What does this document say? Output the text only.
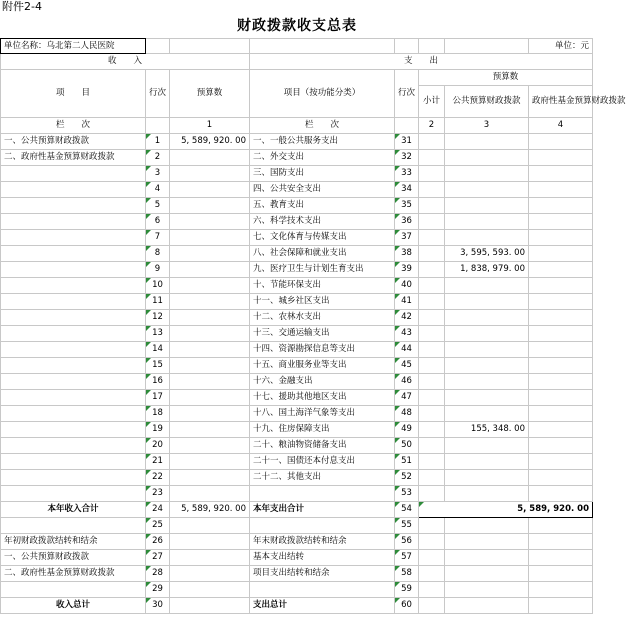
附件2-4
财政拨款收支总表
单位名称：乌北第二人民医院							单位：元
收　　入			支　　出				
项　　目	行次	预算数	项目（按功能分类）	行次	预算数		
					小计	公共预算财政拨款	政府性基金预算财政拨款
栏　　次		1	栏　　次		2	3	4
一、公共预算财政拨款	1	5, 589, 920. 00	一、一般公共服务支出	31

二、政府性基金预算财政拨款	2		二、外交支出	32

	3		三、国防支出	33

	4		四、公共安全支出	34

	5		五、教育支出	35

	6		六、科学技术支出	36

	7		七、文化体育与传媒支出	37

	8		八、社会保障和就业支出	38		3, 595, 593. 00	
	9		九、医疗卫生与计划生育支出	39		1, 838, 979. 00	
	10		十、节能环保支出	40

	11		十一、城乡社区支出	41

	12		十二、农林水支出	42

	13		十三、交通运输支出	43

	14		十四、资源勘探信息等支出	44

	15		十五、商业服务业等支出	45

	16		十六、金融支出	46

	17		十七、援助其他地区支出	47

	18		十八、国土海洋气象等支出	48

	19		十九、住房保障支出	49		155, 348. 00	
	20		二十、粮油物资储备支出	50

	21		二十一、国债还本付息支出	51

	22		二十二、其他支出	52

	23			53

本年收入合计	24	5, 589, 920. 00	本年支出合计	54	5, 589, 920. 00		

	25			55

年初财政拨款结转和结余	26		年末财政拨款结转和结余	56

一、公共预算财政拨款	27		基本支出结转	57

二、政府性基金预算财政拨款	28		项目支出结转和结余	58

	29			59

收入总计	30		支出总计	60
